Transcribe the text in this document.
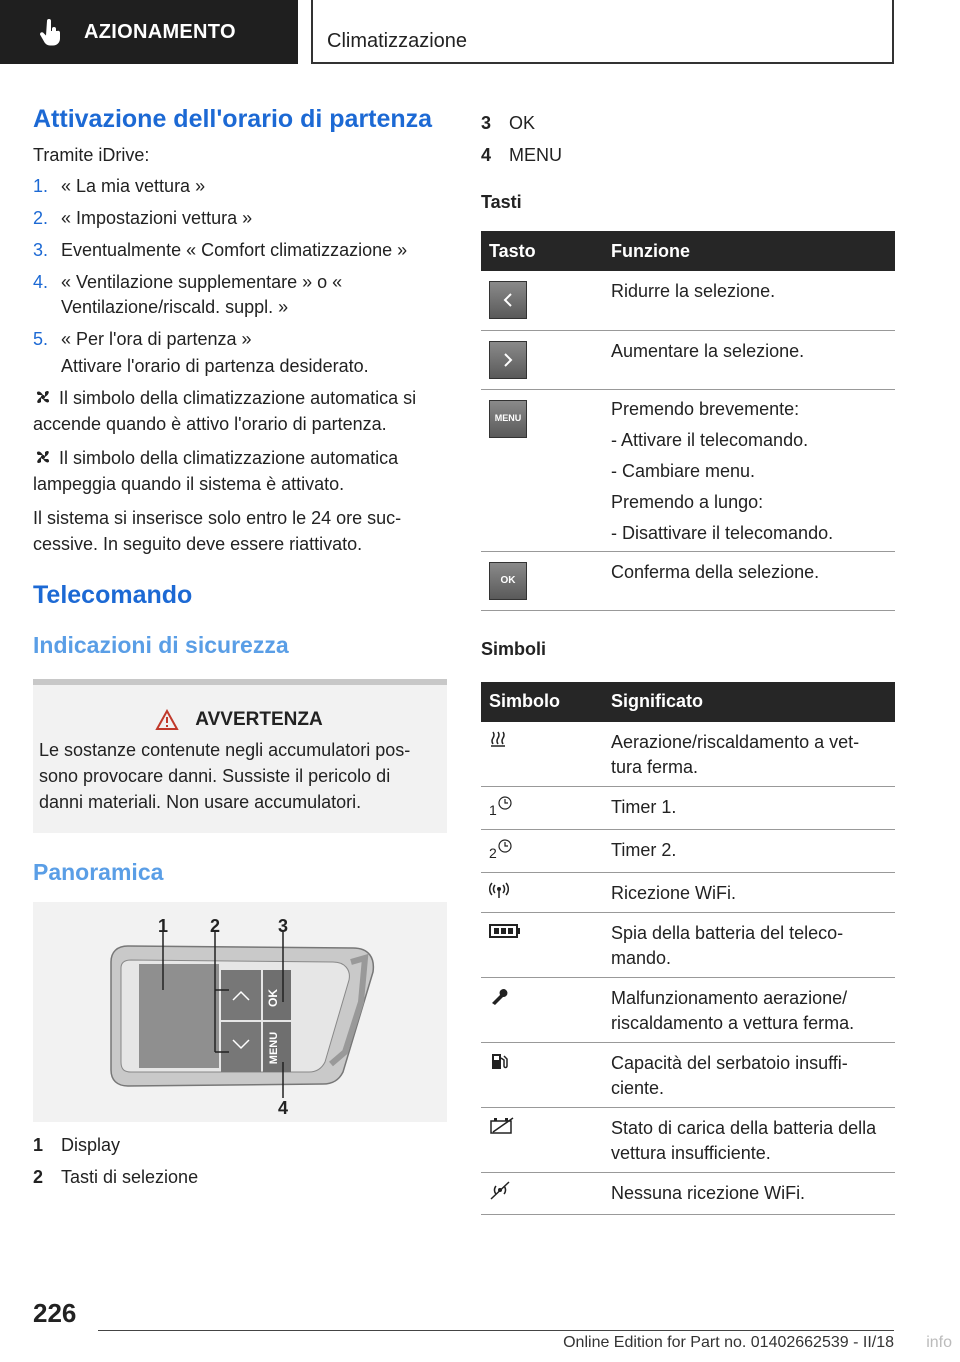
AZIONAMENTO	Climatizzazione
Attivazione dell'orario di partenza

Tramite iDrive:

1. « La mia vettura »
2. « Impostazioni vettura »
3. Eventualmente « Comfort climatizzazione »
4. « Ventilazione supplementare » o « Ventilazione/riscald. suppl. »
5. « Per l'ora di partenza »
Attivare l'orario di partenza desiderato.

Il simbolo della climatizzazione automatica si accende quando è attivo l'orario di partenza.

Il simbolo della climatizzazione automatica lampeggia quando il sistema è attivato.

Il sistema si inserisce solo entro le 24 ore suc-cessive. In seguito deve essere riattivato.

Telecomando
Indicazioni di sicurezza
AVVERTENZA

Le sostanze contenute negli accumulatori pos-sono provocare danni. Sussiste il pericolo di danni materiali. Non usare accumulatori.

Panoramica
OK
MENU
1 2	3
4
1 Display
2 Tasti di selezione
3 OK
4 MENU
Tasti
Tasto	Funzione

	Ridurre la selezione.

	Aumentare la selezione.

MENU	Premendo brevemente:
- Attivare il telecomando.
- Cambiare menu.
Premendo a lungo:
- Disattivare il telecomando.

OK	Conferma della selezione.
Simboli
Simbolo	Significato
	Aerazione/riscaldamento a vet-tura ferma.
1	Timer 1.
2	Timer 2.
	Ricezione WiFi.
	Spia della batteria del teleco-mando.
	Malfunzionamento aerazione/ riscaldamento a vettura ferma.
	Capacità del serbatoio insuffi-ciente.
	Stato di carica della batteria della vettura insufficiente.
	Nessuna ricezione WiFi.
226
Online Edition for Part no. 01402662539 - II/18 info
